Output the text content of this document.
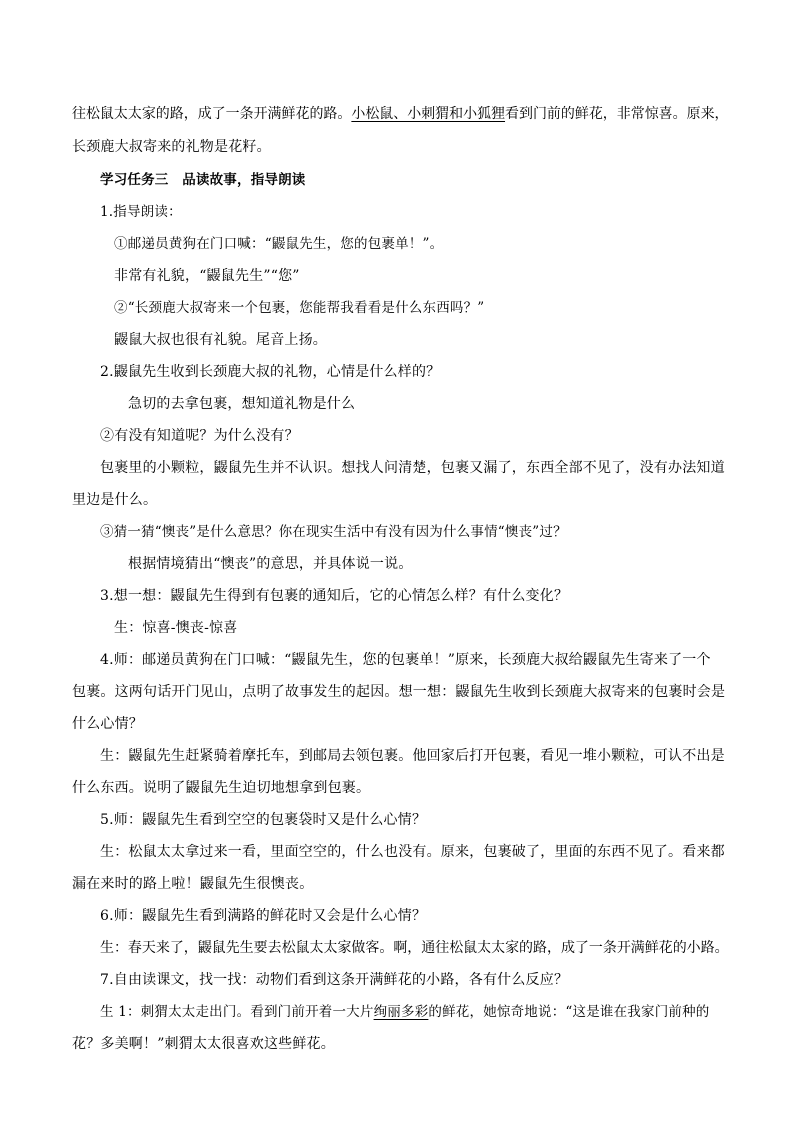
往松鼠太太家的路，成了一条开满鲜花的路。小松鼠、小刺猬和小狐狸看到门前的鲜花，非常惊喜。原来，
长颈鹿大叔寄来的礼物是花籽。
学习任务三　品读故事，指导朗读
1.指导朗读：
①邮递员黄狗在门口喊：“鼹鼠先生，您的包裹单！”。
非常有礼貌，“鼹鼠先生”“您”
②“长颈鹿大叔寄来一个包裹，您能帮我看看是什么东西吗？”
鼹鼠大叔也很有礼貌。尾音上扬。
2.鼹鼠先生收到长颈鹿大叔的礼物，心情是什么样的？
急切的去拿包裹，想知道礼物是什么
②有没有知道呢？为什么没有？
包裹里的小颗粒，鼹鼠先生并不认识。想找人问清楚，包裹又漏了，东西全部不见了，没有办法知道
里边是什么。
③猜一猜“懊丧”是什么意思？你在现实生活中有没有因为什么事情“懊丧”过？
根据情境猜出“懊丧”的意思，并具体说一说。
3.想一想：鼹鼠先生得到有包裹的通知后，它的心情怎么样？有什么变化？
生：惊喜-懊丧-惊喜
4.师：邮递员黄狗在门口喊：“鼹鼠先生，您的包裹单！”原来，长颈鹿大叔给鼹鼠先生寄来了一个
包裹。这两句话开门见山，点明了故事发生的起因。想一想：鼹鼠先生收到长颈鹿大叔寄来的包裹时会是
什么心情？
生：鼹鼠先生赶紧骑着摩托车，到邮局去领包裹。他回家后打开包裹，看见一堆小颗粒，可认不出是
什么东西。说明了鼹鼠先生迫切地想拿到包裹。
5.师：鼹鼠先生看到空空的包裹袋时又是什么心情？
生：松鼠太太拿过来一看，里面空空的，什么也没有。原来，包裹破了，里面的东西不见了。看来都
漏在来时的路上啦！鼹鼠先生很懊丧。
6.师：鼹鼠先生看到满路的鲜花时又会是什么心情？
生：春天来了，鼹鼠先生要去松鼠太太家做客。啊，通往松鼠太太家的路，成了一条开满鲜花的小路。
7.自由读课文，找一找：动物们看到这条开满鲜花的小路，各有什么反应？
生 1：刺猬太太走出门。看到门前开着一大片绚丽多彩的鲜花，她惊奇地说：“这是谁在我家门前种的
花？多美啊！”刺猬太太很喜欢这些鲜花。
